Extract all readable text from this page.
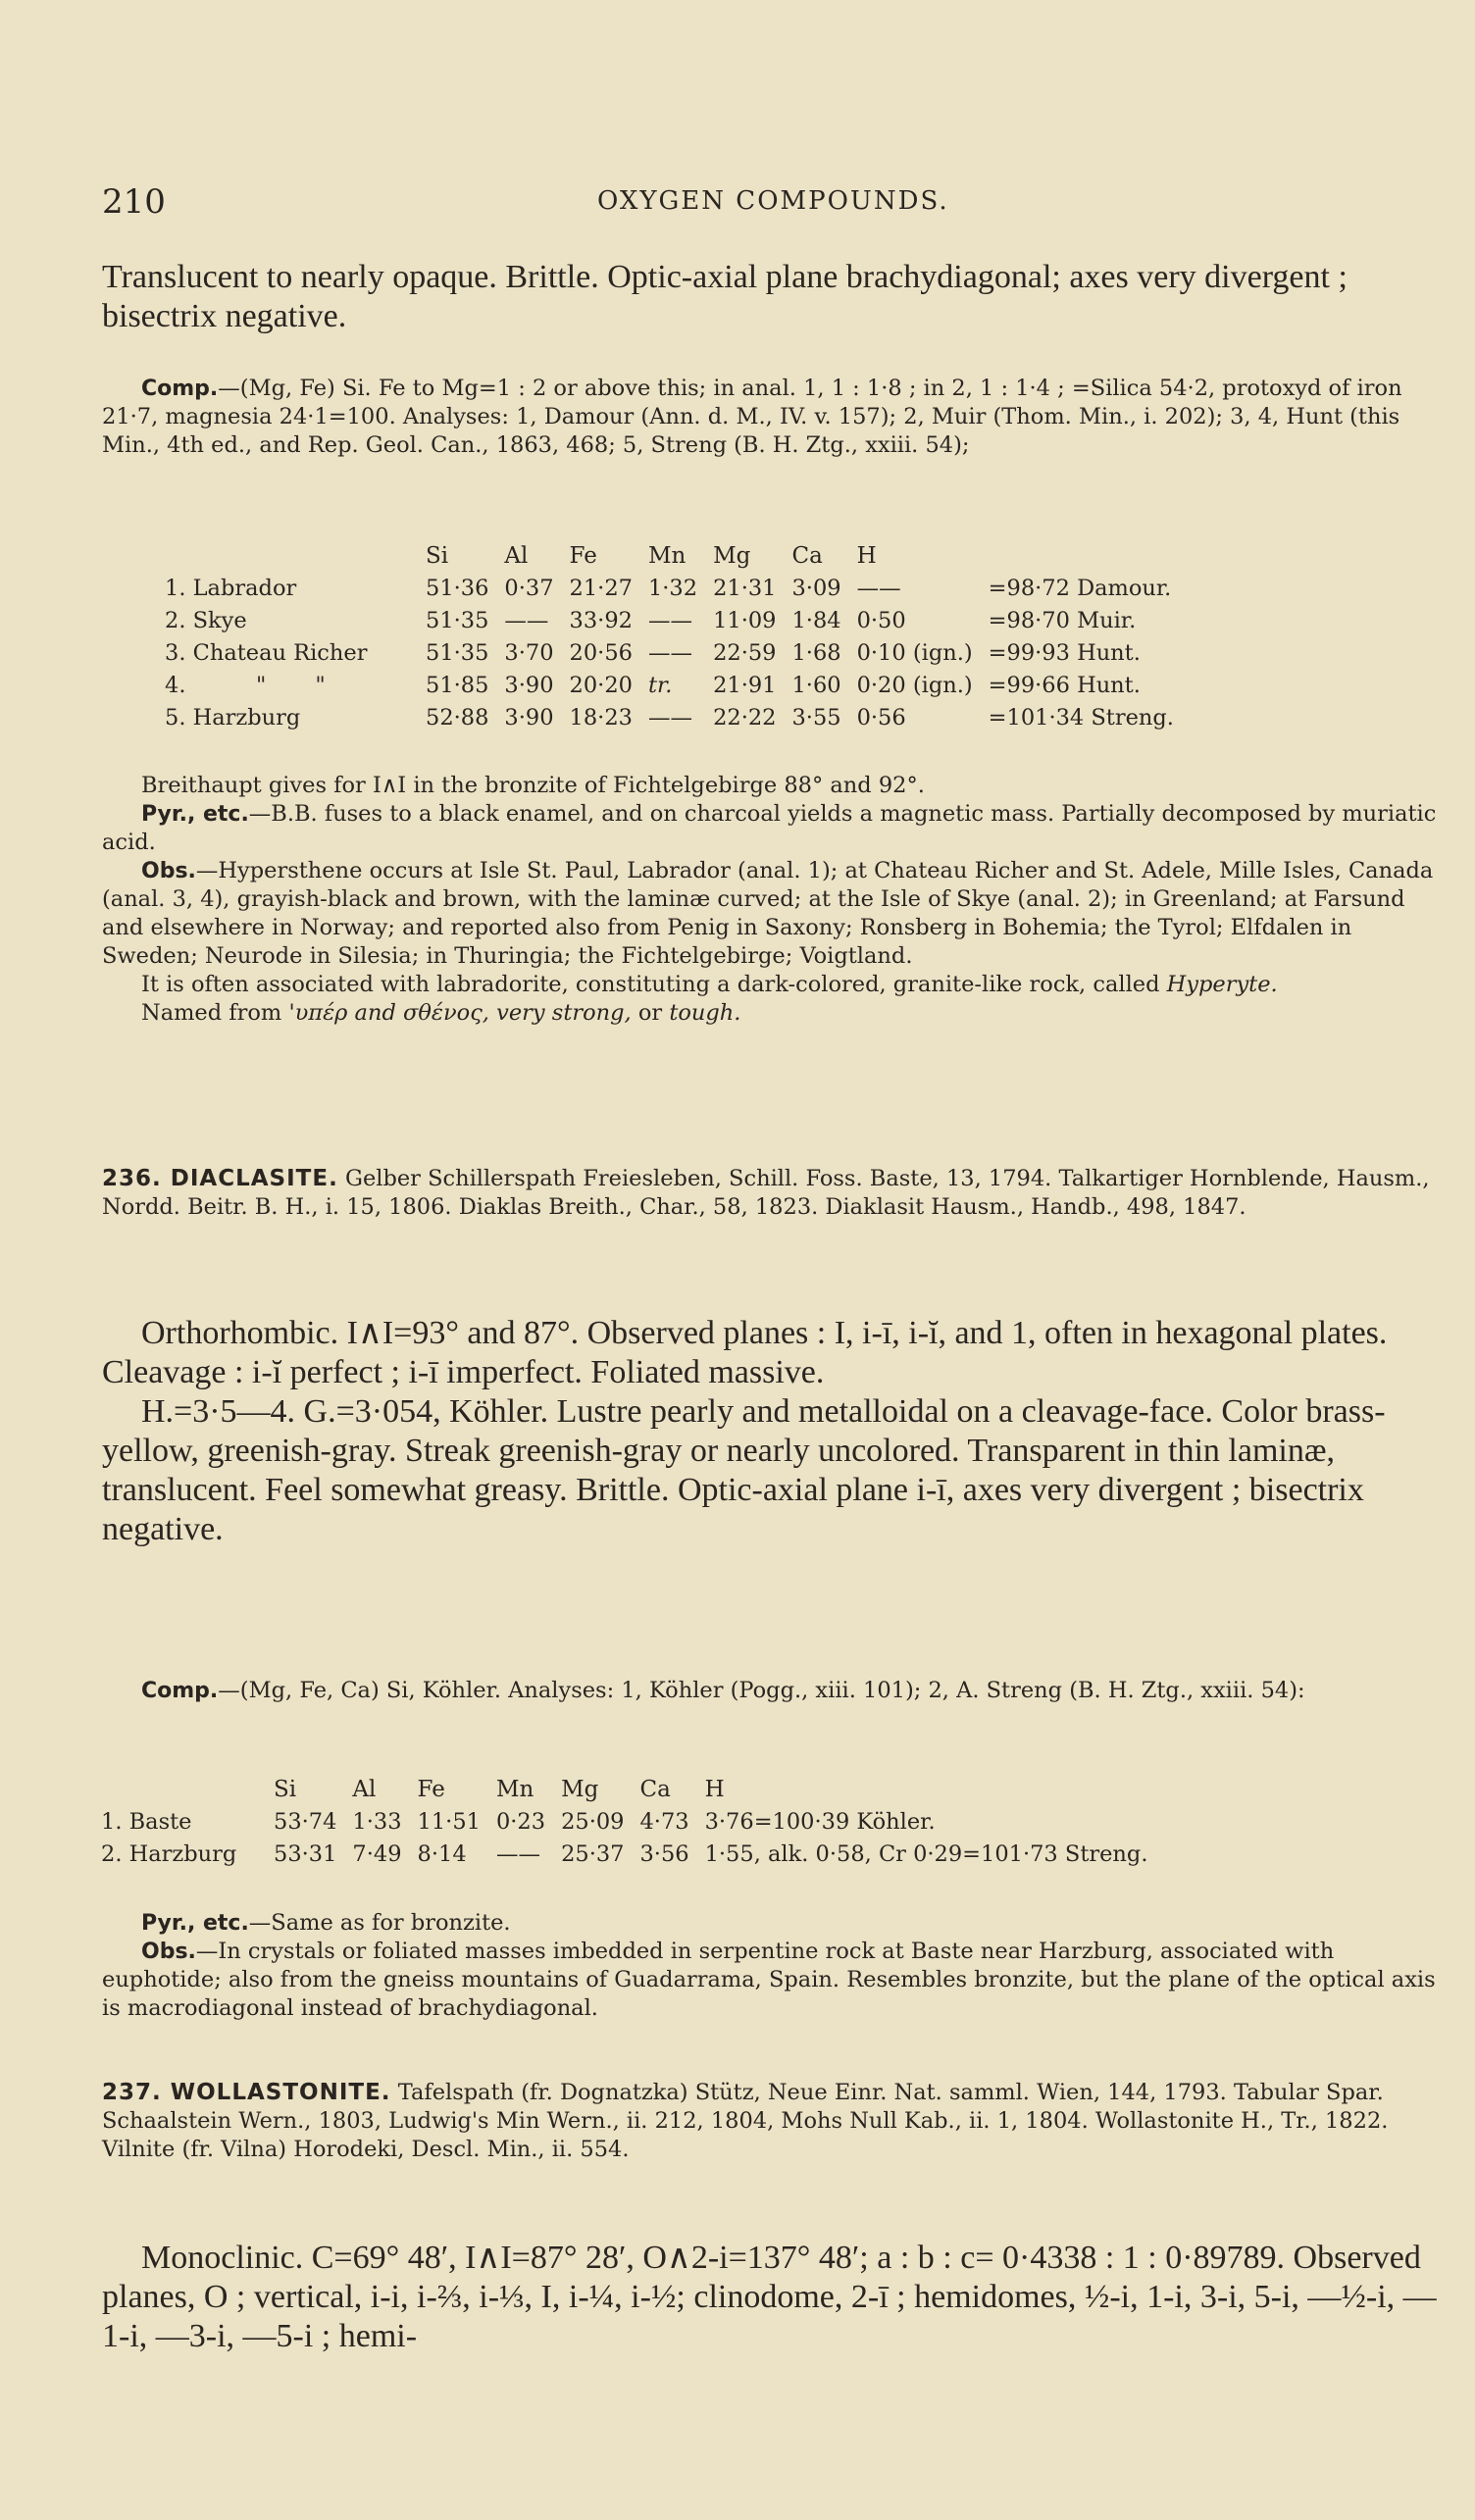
210	OXYGEN COMPOUNDS.

Translucent to nearly opaque. Brittle. Optic-axial plane brachydiagonal; axes very divergent ; bisectrix negative.

Comp.—(Mg, Fe) Si. Fe to Mg=1 : 2 or above this; in anal. 1, 1 : 1·8 ; in 2, 1 : 1·4 ; =Silica 54·2, protoxyd of iron 21·7, magnesia 24·1=100. Analyses: 1, Damour (Ann. d. M., IV. v. 157); 2, Muir (Thom. Min., i. 202); 3, 4, Hunt (this Min., 4th ed., and Rep. Geol. Can., 1863, 468; 5, Streng (B. H. Ztg., xxiii. 54);

	Si	Al	Fe	Mn	Mg	Ca	H	
1. Labrador	51·36	0·37	21·27	1·32	21·31	3·09	——	=98·72 Damour.
2. Skye	51·35	——	33·92	——	11·09	1·84	0·50	=98·70 Muir.
3. Chateau Richer	51·35	3·70	20·56	——	22·59	1·68	0·10 (ign.)	=99·93 Hunt.
4.          "       "	51·85	3·90	20·20	tr.	21·91	1·60	0·20 (ign.)	=99·66 Hunt.
5. Harzburg	52·88	3·90	18·23	——	22·22	3·55	0·56	=101·34 Streng.

Breithaupt gives for I∧I in the bronzite of Fichtelgebirge 88° and 92°.

Pyr., etc.—B.B. fuses to a black enamel, and on charcoal yields a magnetic mass. Partially decomposed by muriatic acid.

Obs.—Hypersthene occurs at Isle St. Paul, Labrador (anal. 1); at Chateau Richer and St. Adele, Mille Isles, Canada (anal. 3, 4), grayish-black and brown, with the laminæ curved; at the Isle of Skye (anal. 2); in Greenland; at Farsund and elsewhere in Norway; and reported also from Penig in Saxony; Ronsberg in Bohemia; the Tyrol; Elfdalen in Sweden; Neurode in Silesia; in Thuringia; the Fichtelgebirge; Voigtland.

It is often associated with labradorite, constituting a dark-colored, granite-like rock, called Hyperyte.

Named from 'υπέρ and σθένος, very strong, or tough.

236. DIACLASITE. Gelber Schillerspath Freiesleben, Schill. Foss. Baste, 13, 1794. Talkartiger Hornblende, Hausm., Nordd. Beitr. B. H., i. 15, 1806. Diaklas Breith., Char., 58, 1823. Diaklasit Hausm., Handb., 498, 1847.

Orthorhombic. I∧I=93° and 87°. Observed planes : I, i-ī, i-ĭ, and 1, often in hexagonal plates. Cleavage : i-ĭ perfect ; i-ī imperfect. Foliated massive.

H.=3·5—4. G.=3·054, Köhler. Lustre pearly and metalloidal on a cleavage-face. Color brass-yellow, greenish-gray. Streak greenish-gray or nearly uncolored. Transparent in thin laminæ, translucent. Feel somewhat greasy. Brittle. Optic-axial plane i-ī, axes very divergent ; bisectrix negative.

Comp.—(Mg, Fe, Ca) Si, Köhler. Analyses: 1, Köhler (Pogg., xiii. 101); 2, A. Streng (B. H. Ztg., xxiii. 54):

	Si	Al	Fe	Mn	Mg	Ca	H
1. Baste	53·74	1·33	11·51	0·23	25·09	4·73	3·76=100·39 Köhler.
2. Harzburg	53·31	7·49	8·14	——	25·37	3·56	1·55, alk. 0·58, Cr 0·29=101·73 Streng.

Pyr., etc.—Same as for bronzite.

Obs.—In crystals or foliated masses imbedded in serpentine rock at Baste near Harzburg, associated with euphotide; also from the gneiss mountains of Guadarrama, Spain. Resembles bronzite, but the plane of the optical axis is macrodiagonal instead of brachydiagonal.

237. WOLLASTONITE. Tafelspath (fr. Dognatzka) Stütz, Neue Einr. Nat. samml. Wien, 144, 1793. Tabular Spar. Schaalstein Wern., 1803, Ludwig's Min Wern., ii. 212, 1804, Mohs Null Kab., ii. 1, 1804. Wollastonite H., Tr., 1822. Vilnite (fr. Vilna) Horodeki, Descl. Min., ii. 554.

Monoclinic. C=69° 48′, I∧I=87° 28′, O∧2-i=137° 48′; a : b : c= 0·4338 : 1 : 0·89789. Observed planes, O ; vertical, i-i, i-⅔, i-⅓, I, i-¼, i-½; clinodome, 2-ī ; hemidomes, ½-i, 1-i, 3-i, 5-i, —½-i, —1-i, —3-i, —5-i ; hemi-
